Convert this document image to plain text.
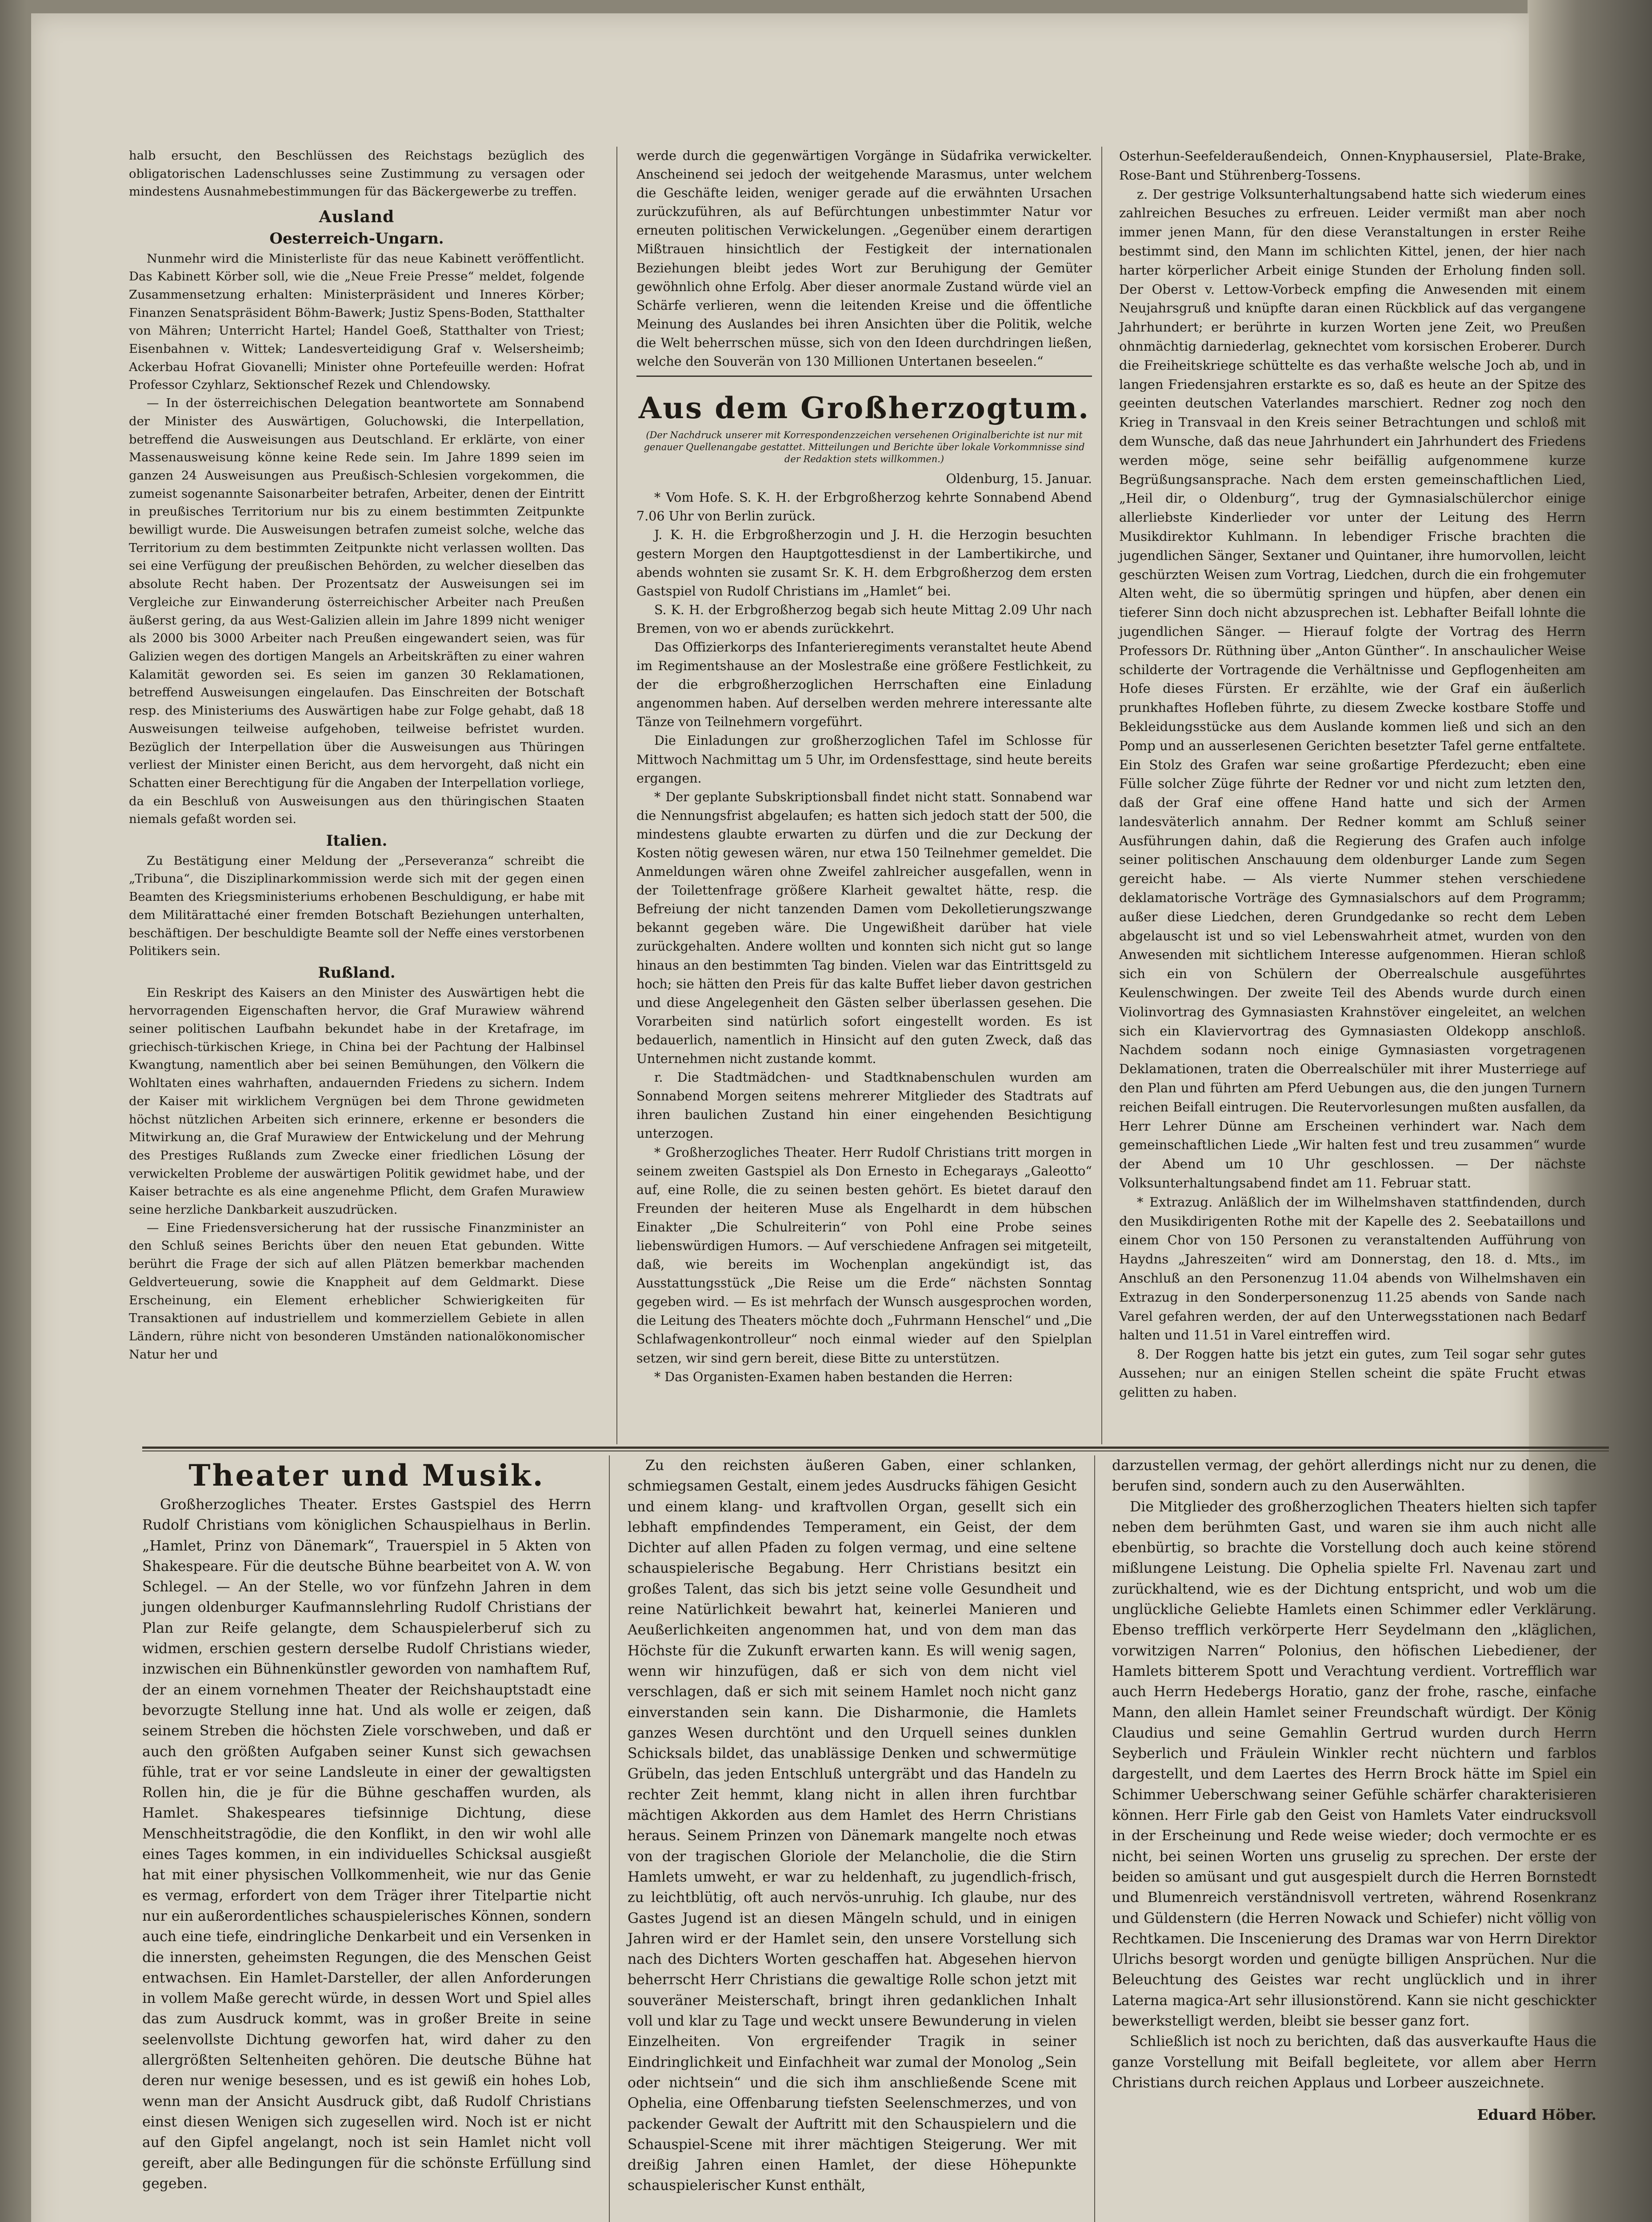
halb ersucht, den Beschlüssen des Reichstags bezüglich des obligatorischen Ladenschlusses seine Zustimmung zu versagen oder mindestens Ausnahmebestimmungen für das Bäckergewerbe zu treffen.

Ausland
Oesterreich-Ungarn.

Nunmehr wird die Ministerliste für das neue Kabinett veröffentlicht. Das Kabinett Körber soll, wie die „Neue Freie Presse“ meldet, folgende Zusammensetzung erhalten: Ministerpräsident und Inneres Körber; Finanzen Senatspräsident Böhm-Bawerk; Justiz Spens-Boden, Statthalter von Mähren; Unterricht Hartel; Handel Goeß, Statthalter von Triest; Eisenbahnen v. Wittek; Landesverteidigung Graf v. Welsersheimb; Ackerbau Hofrat Giovanelli; Minister ohne Portefeuille werden: Hofrat Professor Czyhlarz, Sektionschef Rezek und Chlendowsky.

— In der österreichischen Delegation beantwortete am Sonnabend der Minister des Auswärtigen, Goluchowski, die Interpellation, betreffend die Ausweisungen aus Deutschland. Er erklärte, von einer Massenausweisung könne keine Rede sein. Im Jahre 1899 seien im ganzen 24 Ausweisungen aus Preußisch-Schlesien vorgekommen, die zumeist sogenannte Saisonarbeiter betrafen, Arbeiter, denen der Eintritt in preußisches Territorium nur bis zu einem bestimmten Zeitpunkte bewilligt wurde. Die Ausweisungen betrafen zumeist solche, welche das Territorium zu dem bestimmten Zeitpunkte nicht verlassen wollten. Das sei eine Verfügung der preußischen Behörden, zu welcher dieselben das absolute Recht haben. Der Prozentsatz der Ausweisungen sei im Vergleiche zur Einwanderung österreichischer Arbeiter nach Preußen äußerst gering, da aus West-Galizien allein im Jahre 1899 nicht weniger als 2000 bis 3000 Arbeiter nach Preußen eingewandert seien, was für Galizien wegen des dortigen Mangels an Arbeitskräften zu einer wahren Kalamität geworden sei. Es seien im ganzen 30 Reklamationen, betreffend Ausweisungen eingelaufen. Das Einschreiten der Botschaft resp. des Ministeriums des Auswärtigen habe zur Folge gehabt, daß 18 Ausweisungen teilweise aufgehoben, teilweise befristet wurden. Bezüglich der Interpellation über die Ausweisungen aus Thüringen verliest der Minister einen Bericht, aus dem hervorgeht, daß nicht ein Schatten einer Berechtigung für die Angaben der Interpellation vorliege, da ein Beschluß von Ausweisungen aus den thüringischen Staaten niemals gefaßt worden sei.

Italien.

Zu Bestätigung einer Meldung der „Perseveranza“ schreibt die „Tribuna“, die Disziplinarkommission werde sich mit der gegen einen Beamten des Kriegsministeriums erhobenen Beschuldigung, er habe mit dem Militärattaché einer fremden Botschaft Beziehungen unterhalten, beschäftigen. Der beschuldigte Beamte soll der Neffe eines verstorbenen Politikers sein.

Rußland.

Ein Reskript des Kaisers an den Minister des Auswärtigen hebt die hervorragenden Eigenschaften hervor, die Graf Murawiew während seiner politischen Laufbahn bekundet habe in der Kretafrage, im griechisch-türkischen Kriege, in China bei der Pachtung der Halbinsel Kwangtung, namentlich aber bei seinen Bemühungen, den Völkern die Wohltaten eines wahrhaften, andauernden Friedens zu sichern. Indem der Kaiser mit wirklichem Vergnügen bei dem Throne gewidmeten höchst nützlichen Arbeiten sich erinnere, erkenne er besonders die Mitwirkung an, die Graf Murawiew der Entwickelung und der Mehrung des Prestiges Rußlands zum Zwecke einer friedlichen Lösung der verwickelten Probleme der auswärtigen Politik gewidmet habe, und der Kaiser betrachte es als eine angenehme Pflicht, dem Grafen Murawiew seine herzliche Dankbarkeit auszudrücken.

— Eine Friedensversicherung hat der russische Finanzminister an den Schluß seines Berichts über den neuen Etat gebunden. Witte berührt die Frage der sich auf allen Plätzen bemerkbar machenden Geldverteuerung, sowie die Knappheit auf dem Geldmarkt. Diese Erscheinung, ein Element erheblicher Schwierigkeiten für Transaktionen auf industriellem und kommerziellem Gebiete in allen Ländern, rühre nicht von besonderen Umständen nationalökonomischer Natur her und

werde durch die gegenwärtigen Vorgänge in Südafrika verwickelter. Anscheinend sei jedoch der weitgehende Marasmus, unter welchem die Geschäfte leiden, weniger gerade auf die erwähnten Ursachen zurückzuführen, als auf Befürchtungen unbestimmter Natur vor erneuten politischen Verwickelungen. „Gegenüber einem derartigen Mißtrauen hinsichtlich der Festigkeit der internationalen Beziehungen bleibt jedes Wort zur Beruhigung der Gemüter gewöhnlich ohne Erfolg. Aber dieser anormale Zustand würde viel an Schärfe verlieren, wenn die leitenden Kreise und die öffentliche Meinung des Auslandes bei ihren Ansichten über die Politik, welche die Welt beherrschen müsse, sich von den Ideen durchdringen ließen, welche den Souverän von 130 Millionen Untertanen beseelen.“

Aus dem Großherzogtum.
(Der Nachdruck unserer mit Korrespondenzzeichen versehenen Originalberichte ist nur mit genauer Quellenangabe gestattet. Mitteilungen und Berichte über lokale Vorkommnisse sind der Redaktion stets willkommen.)

Oldenburg, 15. Januar.

* Vom Hofe. S. K. H. der Erbgroßherzog kehrte Sonnabend Abend 7.06 Uhr von Berlin zurück.

J. K. H. die Erbgroßherzogin und J. H. die Herzogin besuchten gestern Morgen den Hauptgottesdienst in der Lambertikirche, und abends wohnten sie zusamt Sr. K. H. dem Erbgroßherzog dem ersten Gastspiel von Rudolf Christians im „Hamlet“ bei.

S. K. H. der Erbgroßherzog begab sich heute Mittag 2.09 Uhr nach Bremen, von wo er abends zurückkehrt.

Das Offizierkorps des Infanterieregiments veranstaltet heute Abend im Regimentshause an der Moslestraße eine größere Festlichkeit, zu der die erbgroßherzoglichen Herrschaften eine Einladung angenommen haben. Auf derselben werden mehrere interessante alte Tänze von Teilnehmern vorgeführt.

Die Einladungen zur großherzoglichen Tafel im Schlosse für Mittwoch Nachmittag um 5 Uhr, im Ordensfesttage, sind heute bereits ergangen.

* Der geplante Subskriptionsball findet nicht statt. Sonnabend war die Nennungsfrist abgelaufen; es hatten sich jedoch statt der 500, die mindestens glaubte erwarten zu dürfen und die zur Deckung der Kosten nötig gewesen wären, nur etwa 150 Teilnehmer gemeldet. Die Anmeldungen wären ohne Zweifel zahlreicher ausgefallen, wenn in der Toilettenfrage größere Klarheit gewaltet hätte, resp. die Befreiung der nicht tanzenden Damen vom Dekolletierungszwange bekannt gegeben wäre. Die Ungewißheit darüber hat viele zurückgehalten. Andere wollten und konnten sich nicht gut so lange hinaus an den bestimmten Tag binden. Vielen war das Eintrittsgeld zu hoch; sie hätten den Preis für das kalte Buffet lieber davon gestrichen und diese Angelegenheit den Gästen selber überlassen gesehen. Die Vorarbeiten sind natürlich sofort eingestellt worden. Es ist bedauerlich, namentlich in Hinsicht auf den guten Zweck, daß das Unternehmen nicht zustande kommt.

r. Die Stadtmädchen- und Stadtknabenschulen wurden am Sonnabend Morgen seitens mehrerer Mitglieder des Stadtrats auf ihren baulichen Zustand hin einer eingehenden Besichtigung unterzogen.

* Großherzogliches Theater. Herr Rudolf Christians tritt morgen in seinem zweiten Gastspiel als Don Ernesto in Echegarays „Galeotto“ auf, eine Rolle, die zu seinen besten gehört. Es bietet darauf den Freunden der heiteren Muse als Engelhardt in dem hübschen Einakter „Die Schulreiterin“ von Pohl eine Probe seines liebenswürdigen Humors. — Auf verschiedene Anfragen sei mitgeteilt, daß, wie bereits im Wochenplan angekündigt ist, das Ausstattungsstück „Die Reise um die Erde“ nächsten Sonntag gegeben wird. — Es ist mehrfach der Wunsch ausgesprochen worden, die Leitung des Theaters möchte doch „Fuhrmann Henschel“ und „Die Schlafwagenkontrolleur“ noch einmal wieder auf den Spielplan setzen, wir sind gern bereit, diese Bitte zu unterstützen.

* Das Organisten-Examen haben bestanden die Herren:

Osterhun-Seefelderaußendeich, Onnen-Knyphausersiel, Plate-Brake, Rose-Bant und Stührenberg-Tossens.

z. Der gestrige Volksunterhaltungsabend hatte sich wiederum eines zahlreichen Besuches zu erfreuen. Leider vermißt man aber noch immer jenen Mann, für den diese Veranstaltungen in erster Reihe bestimmt sind, den Mann im schlichten Kittel, jenen, der hier nach harter körperlicher Arbeit einige Stunden der Erholung finden soll. Der Oberst v. Lettow-Vorbeck empfing die Anwesenden mit einem Neujahrsgruß und knüpfte daran einen Rückblick auf das vergangene Jahrhundert; er berührte in kurzen Worten jene Zeit, wo Preußen ohnmächtig darniederlag, geknechtet vom korsischen Eroberer. Durch die Freiheitskriege schüttelte es das verhaßte welsche Joch ab, und in langen Friedensjahren erstarkte es so, daß es heute an der Spitze des geeinten deutschen Vaterlandes marschiert. Redner zog noch den Krieg in Transvaal in den Kreis seiner Betrachtungen und schloß mit dem Wunsche, daß das neue Jahrhundert ein Jahrhundert des Friedens werden möge, seine sehr beifällig aufgenommene kurze Begrüßungsansprache. Nach dem ersten gemeinschaftlichen Lied, „Heil dir, o Oldenburg“, trug der Gymnasialschülerchor einige allerliebste Kinderlieder vor unter der Leitung des Herrn Musikdirektor Kuhlmann. In lebendiger Frische brachten die jugendlichen Sänger, Sextaner und Quintaner, ihre humorvollen, leicht geschürzten Weisen zum Vortrag, Liedchen, durch die ein frohgemuter Alten weht, die so übermütig springen und hüpfen, aber denen ein tieferer Sinn doch nicht abzusprechen ist. Lebhafter Beifall lohnte die jugendlichen Sänger. — Hierauf folgte der Vortrag des Herrn Professors Dr. Rüthning über „Anton Günther“. In anschaulicher Weise schilderte der Vortragende die Verhältnisse und Gepflogenheiten am Hofe dieses Fürsten. Er erzählte, wie der Graf ein äußerlich prunkhaftes Hofleben führte, zu diesem Zwecke kostbare Stoffe und Bekleidungsstücke aus dem Auslande kommen ließ und sich an den Pomp und an ausserlesenen Gerichten besetzter Tafel gerne entfaltete. Ein Stolz des Grafen war seine großartige Pferdezucht; eben eine Fülle solcher Züge führte der Redner vor und nicht zum letzten den, daß der Graf eine offene Hand hatte und sich der Armen landesväterlich annahm. Der Redner kommt am Schluß seiner Ausführungen dahin, daß die Regierung des Grafen auch infolge seiner politischen Anschauung dem oldenburger Lande zum Segen gereicht habe. — Als vierte Nummer stehen verschiedene deklamatorische Vorträge des Gymnasialschors auf dem Programm; außer diese Liedchen, deren Grundgedanke so recht dem Leben abgelauscht ist und so viel Lebenswahrheit atmet, wurden von den Anwesenden mit sichtlichem Interesse aufgenommen. Hieran schloß sich ein von Schülern der Oberrealschule ausgeführtes Keulenschwingen. Der zweite Teil des Abends wurde durch einen Violinvortrag des Gymnasiasten Krahnstöver eingeleitet, an welchen sich ein Klaviervortrag des Gymnasiasten Oldekopp anschloß. Nachdem sodann noch einige Gymnasiasten vorgetragenen Deklamationen, traten die Oberrealschüler mit ihrer Musterriege auf den Plan und führten am Pferd Uebungen aus, die den jungen Turnern reichen Beifall eintrugen. Die Reutervorlesungen mußten ausfallen, da Herr Lehrer Dünne am Erscheinen verhindert war. Nach dem gemeinschaftlichen Liede „Wir halten fest und treu zusammen“ wurde der Abend um 10 Uhr geschlossen. — Der nächste Volksunterhaltungsabend findet am 11. Februar statt.

* Extrazug. Anläßlich der im Wilhelmshaven stattfindenden, durch den Musikdirigenten Rothe mit der Kapelle des 2. Seebataillons und einem Chor von 150 Personen zu veranstaltenden Aufführung von Haydns „Jahreszeiten“ wird am Donnerstag, den 18. d. Mts., im Anschluß an den Personenzug 11.04 abends von Wilhelmshaven ein Extrazug in den Sonderpersonenzug 11.25 abends von Sande nach Varel gefahren werden, der auf den Unterwegsstationen nach Bedarf halten und 11.51 in Varel eintreffen wird.

8. Der Roggen hatte bis jetzt ein gutes, zum Teil sogar sehr gutes Aussehen; nur an einigen Stellen scheint die späte Frucht etwas gelitten zu haben.

Theater und Musik.

Großherzogliches Theater. Erstes Gastspiel des Herrn Rudolf Christians vom königlichen Schauspielhaus in Berlin. „Hamlet, Prinz von Dänemark“, Trauerspiel in 5 Akten von Shakespeare. Für die deutsche Bühne bearbeitet von A. W. von Schlegel. — An der Stelle, wo vor fünfzehn Jahren in dem jungen oldenburger Kaufmannslehrling Rudolf Christians der Plan zur Reife gelangte, dem Schauspielerberuf sich zu widmen, erschien gestern derselbe Rudolf Christians wieder, inzwischen ein Bühnenkünstler geworden von namhaftem Ruf, der an einem vornehmen Theater der Reichshauptstadt eine bevorzugte Stellung inne hat. Und als wolle er zeigen, daß seinem Streben die höchsten Ziele vorschweben, und daß er auch den größten Aufgaben seiner Kunst sich gewachsen fühle, trat er vor seine Landsleute in einer der gewaltigsten Rollen hin, die je für die Bühne geschaffen wurden, als Hamlet. Shakespeares tiefsinnige Dichtung, diese Menschheitstragödie, die den Konflikt, in den wir wohl alle eines Tages kommen, in ein individuelles Schicksal ausgießt hat mit einer physischen Vollkommenheit, wie nur das Genie es vermag, erfordert von dem Träger ihrer Titelpartie nicht nur ein außerordentliches schauspielerisches Können, sondern auch eine tiefe, eindringliche Denkarbeit und ein Versenken in die innersten, geheimsten Regungen, die des Menschen Geist entwachsen. Ein Hamlet-Darsteller, der allen Anforderungen in vollem Maße gerecht würde, in dessen Wort und Spiel alles das zum Ausdruck kommt, was in großer Breite in seine seelenvollste Dichtung geworfen hat, wird daher zu den allergrößten Seltenheiten gehören. Die deutsche Bühne hat deren nur wenige besessen, und es ist gewiß ein hohes Lob, wenn man der Ansicht Ausdruck gibt, daß Rudolf Christians einst diesen Wenigen sich zugesellen wird. Noch ist er nicht auf den Gipfel angelangt, noch ist sein Hamlet nicht voll gereift, aber alle Bedingungen für die schönste Erfüllung sind gegeben.

Zu den reichsten äußeren Gaben, einer schlanken, schmiegsamen Gestalt, einem jedes Ausdrucks fähigen Gesicht und einem klang- und kraftvollen Organ, gesellt sich ein lebhaft empfindendes Temperament, ein Geist, der dem Dichter auf allen Pfaden zu folgen vermag, und eine seltene schauspielerische Begabung. Herr Christians besitzt ein großes Talent, das sich bis jetzt seine volle Gesundheit und reine Natürlichkeit bewahrt hat, keinerlei Manieren und Aeußerlichkeiten angenommen hat, und von dem man das Höchste für die Zukunft erwarten kann. Es will wenig sagen, wenn wir hinzufügen, daß er sich von dem nicht viel verschlagen, daß er sich mit seinem Hamlet noch nicht ganz einverstanden sein kann. Die Disharmonie, die Hamlets ganzes Wesen durchtönt und den Urquell seines dunklen Schicksals bildet, das unablässige Denken und schwermütige Grübeln, das jeden Entschluß untergräbt und das Handeln zu rechter Zeit hemmt, klang nicht in allen ihren furchtbar mächtigen Akkorden aus dem Hamlet des Herrn Christians heraus. Seinem Prinzen von Dänemark mangelte noch etwas von der tragischen Gloriole der Melancholie, die die Stirn Hamlets umweht, er war zu heldenhaft, zu jugendlich-frisch, zu leichtblütig, oft auch nervös-unruhig. Ich glaube, nur des Gastes Jugend ist an diesen Mängeln schuld, und in einigen Jahren wird er der Hamlet sein, den unsere Vorstellung sich nach des Dichters Worten geschaffen hat. Abgesehen hiervon beherrscht Herr Christians die gewaltige Rolle schon jetzt mit souveräner Meisterschaft, bringt ihren gedanklichen Inhalt voll und klar zu Tage und weckt unsere Bewunderung in vielen Einzelheiten. Von ergreifender Tragik in seiner Eindringlichkeit und Einfachheit war zumal der Monolog „Sein oder nichtsein“ und die sich ihm anschließende Scene mit Ophelia, eine Offenbarung tiefsten Seelenschmerzes, und von packender Gewalt der Auftritt mit den Schauspielern und die Schauspiel-Scene mit ihrer mächtigen Steigerung. Wer mit dreißig Jahren einen Hamlet, der diese Höhepunkte schauspielerischer Kunst enthält,

darzustellen vermag, der gehört allerdings nicht nur zu denen, die berufen sind, sondern auch zu den Auserwählten.

Die Mitglieder des großherzoglichen Theaters hielten sich tapfer neben dem berühmten Gast, und waren sie ihm auch nicht alle ebenbürtig, so brachte die Vorstellung doch auch keine störend mißlungene Leistung. Die Ophelia spielte Frl. Navenau zart und zurückhaltend, wie es der Dichtung entspricht, und wob um die unglückliche Geliebte Hamlets einen Schimmer edler Verklärung. Ebenso trefflich verkörperte Herr Seydelmann den „kläglichen, vorwitzigen Narren“ Polonius, den höfischen Liebediener, der Hamlets bitterem Spott und Verachtung verdient. Vortrefflich war auch Herrn Hedebergs Horatio, ganz der frohe, rasche, einfache Mann, den allein Hamlet seiner Freundschaft würdigt. Der König Claudius und seine Gemahlin Gertrud wurden durch Herrn Seyberlich und Fräulein Winkler recht nüchtern und farblos dargestellt, und dem Laertes des Herrn Brock hätte im Spiel ein Schimmer Ueberschwang seiner Gefühle schärfer charakterisieren können. Herr Firle gab den Geist von Hamlets Vater eindrucksvoll in der Erscheinung und Rede weise wieder; doch vermochte er es nicht, bei seinen Worten uns gruselig zu sprechen. Der erste der beiden so amüsant und gut ausgespielt durch die Herren Bornstedt und Blumenreich verständnisvoll vertreten, während Rosenkranz und Güldenstern (die Herren Nowack und Schiefer) nicht völlig von Rechtkamen. Die Inscenierung des Dramas war von Herrn Direktor Ulrichs besorgt worden und genügte billigen Ansprüchen. Nur die Beleuchtung des Geistes war recht unglücklich und in ihrer Laterna magica-Art sehr illusionstörend. Kann sie nicht geschickter bewerkstelligt werden, bleibt sie besser ganz fort.

Schließlich ist noch zu berichten, daß das ausverkaufte Haus die ganze Vorstellung mit Beifall begleitete, vor allem aber Herrn Christians durch reichen Applaus und Lorbeer auszeichnete.

Eduard Höber.
